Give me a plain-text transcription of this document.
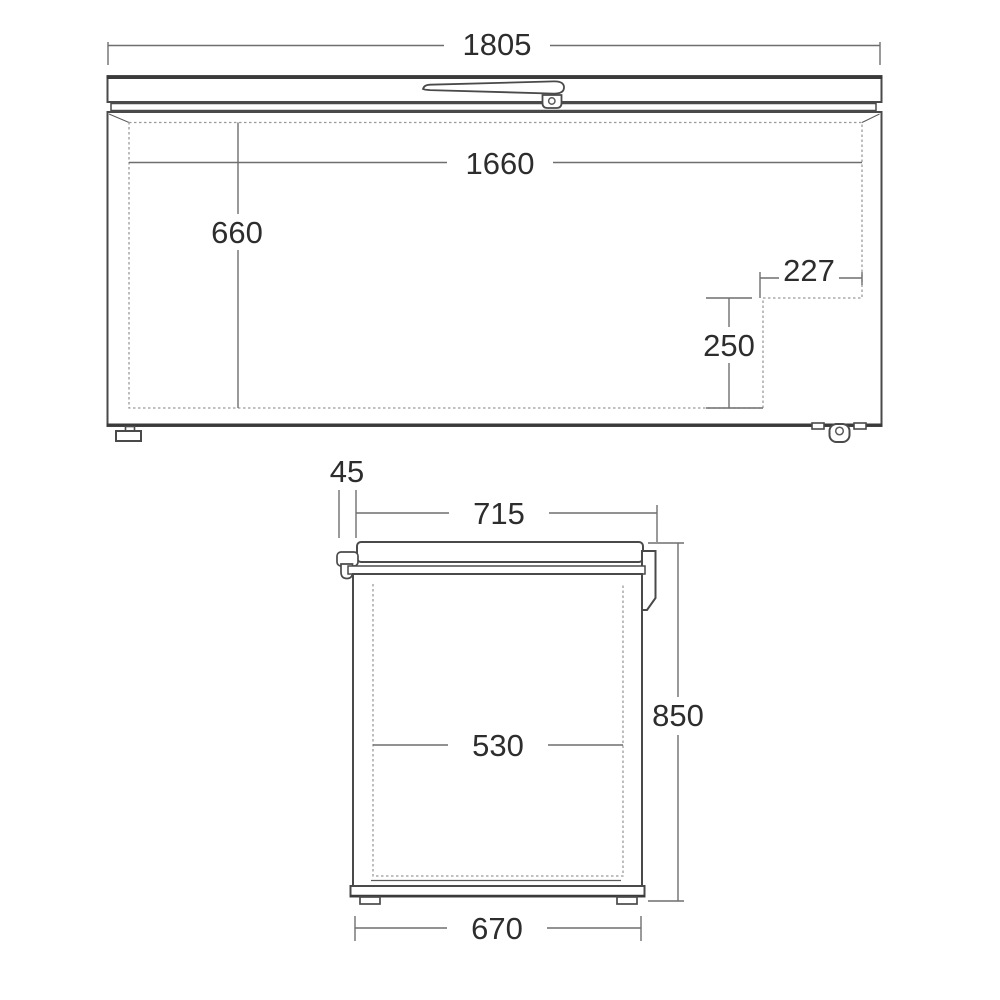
1805
1660
660
227
250
45
715
850
530
670
